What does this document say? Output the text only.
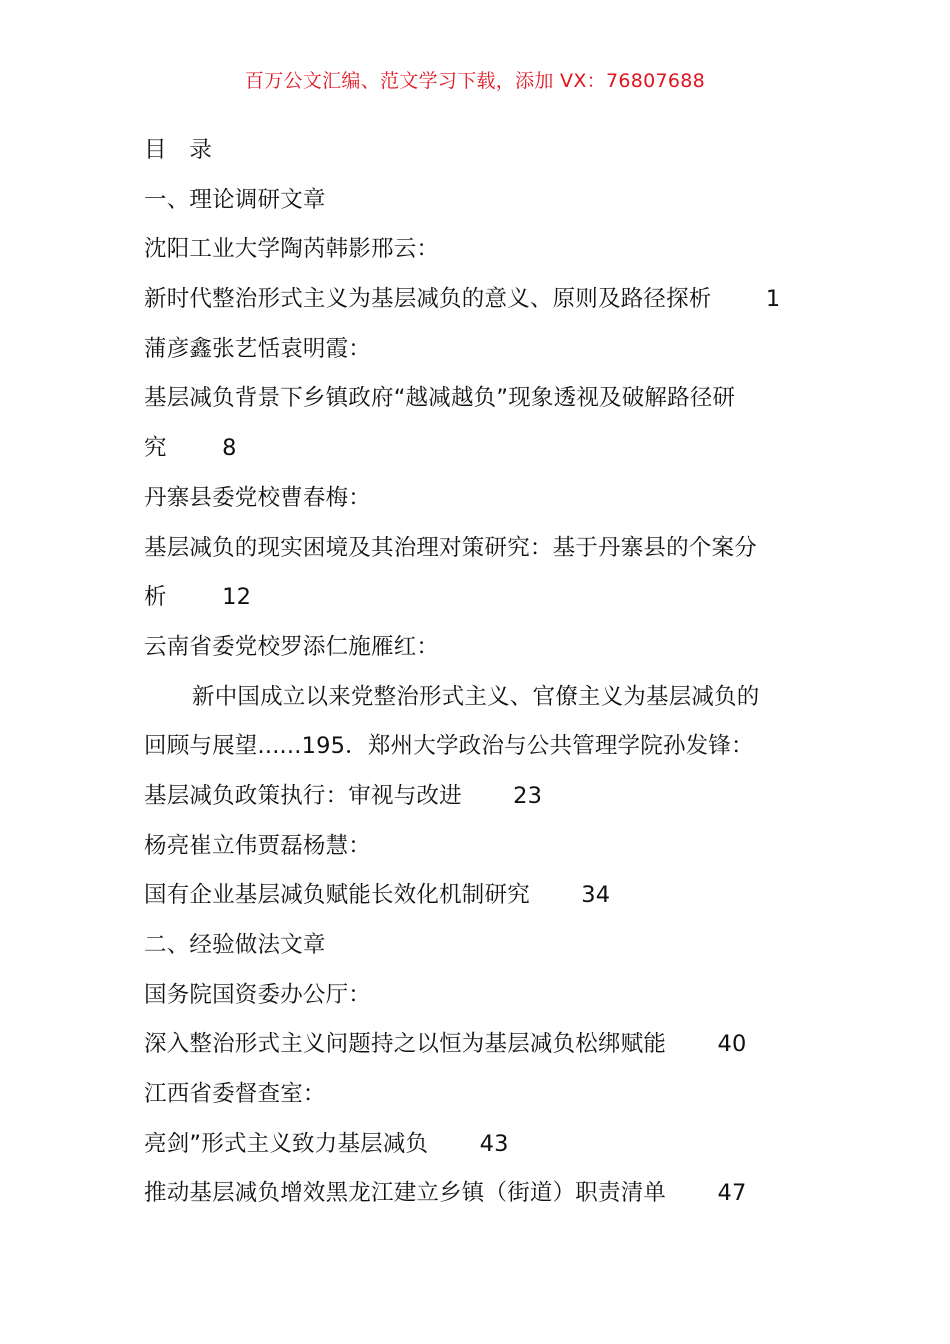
百万公文汇编、范文学习下载，添加 VX：76807688
目　录
一、理论调研文章
沈阳工业大学陶芮韩影邢云：
新时代整治形式主义为基层减负的意义、原则及路径探析 1
蒲彦鑫张艺恬袁明霞：
基层减负背景下乡镇政府“越减越负”现象透视及破解路径研
究 8
丹寨县委党校曹春梅：
基层减负的现实困境及其治理对策研究：基于丹寨县的个案分
析 12
云南省委党校罗添仁施雁红：
新中国成立以来党整治形式主义、官僚主义为基层减负的
回顾与展望......195．郑州大学政治与公共管理学院孙发锋：
基层减负政策执行：审视与改进 23
杨亮崔立伟贾磊杨慧：
国有企业基层减负赋能长效化机制研究 34
二、经验做法文章
国务院国资委办公厅：
深入整治形式主义问题持之以恒为基层减负松绑赋能 40
江西省委督查室：
亮剑”形式主义致力基层减负 43
推动基层减负增效黑龙江建立乡镇（街道）职责清单 47
